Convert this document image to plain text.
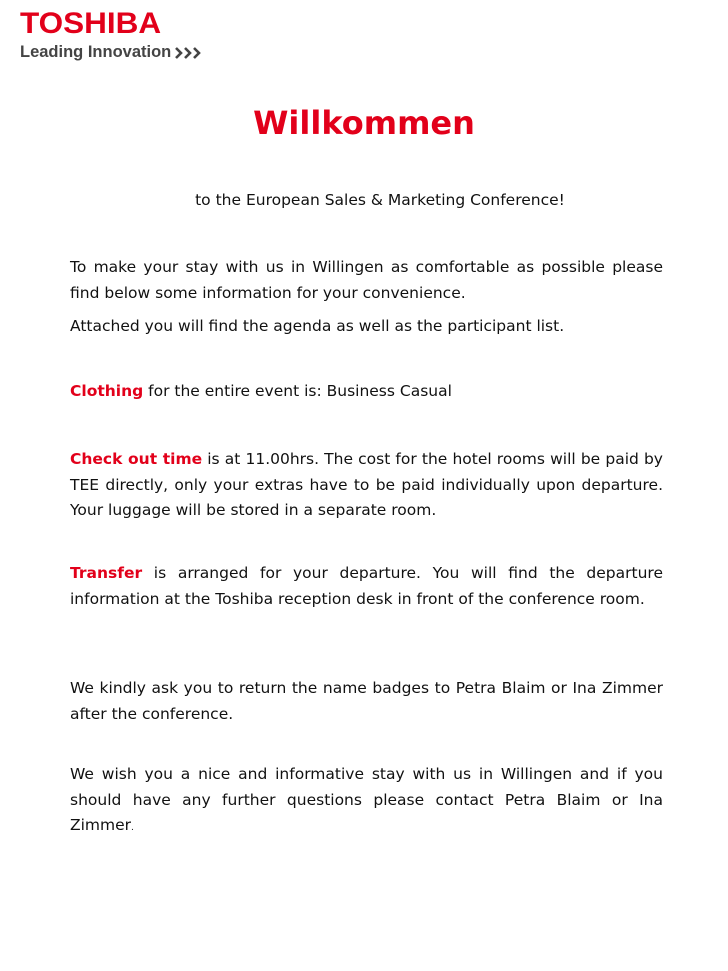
TOSHIBA
Leading Innovation
Willkommen
to the European Sales & Marketing Conference!
To make your stay with us in Willingen as comfortable as possible please find below some information for your convenience.
Attached you will find the agenda as well as the participant list.
Clothing for the entire event is: Business Casual
Check out time is at 11.00hrs. The cost for the hotel rooms will be paid by TEE directly, only your extras have to be paid individually upon departure. Your luggage will be stored in a separate room.
Transfer is arranged for your departure. You will find the departure information at the Toshiba reception desk in front of the conference room.
We kindly ask you to return the name badges to Petra Blaim or Ina Zimmer after the conference.
We wish you a nice and informative stay with us in Willingen and if you should have any further questions please contact Petra Blaim or Ina Zimmer.
